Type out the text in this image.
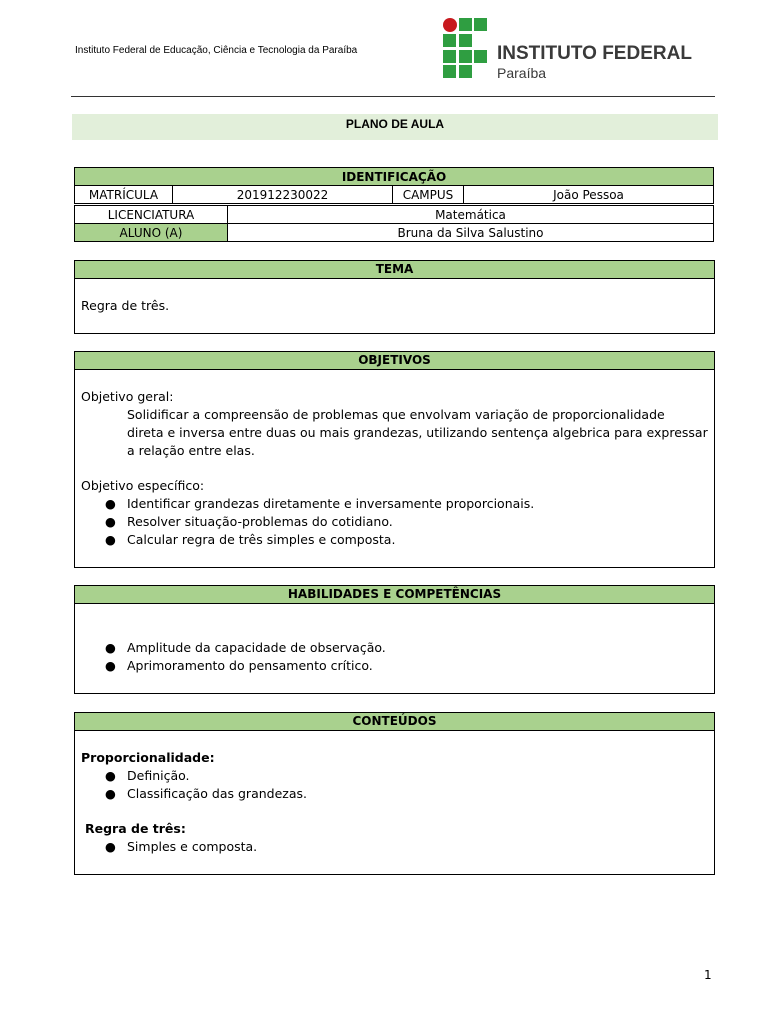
Instituto Federal de Educação, Ciência e Tecnologia da Paraíba	INSTITUTO FEDERAL
Paraíba
PLANO DE AULA
IDENTIFICAÇÃO
MATRÍCULA	201912230022	CAMPUS	João Pessoa
LICENCIATURA	Matemática
ALUNO (A)	Bruna da Silva Salustino
TEMA
Regra de três.
OBJETIVOS
Objetivo geral:
Solidificar a compreensão de problemas que envolvam variação de proporcionalidade
direta e inversa entre duas ou mais grandezas, utilizando sentença algebrica para expressar
a relação entre elas.
Objetivo específico:
● Identificar grandezas diretamente e inversamente proporcionais.
● Resolver situação-problemas do cotidiano.
● Calcular regra de três simples e composta.
HABILIDADES E COMPETÊNCIAS
● Amplitude da capacidade de observação.
● Aprimoramento do pensamento crítico.
CONTEÚDOS
Proporcionalidade:
● Definição.
● Classificação das grandezas.
Regra de três:
● Simples e composta.
1
